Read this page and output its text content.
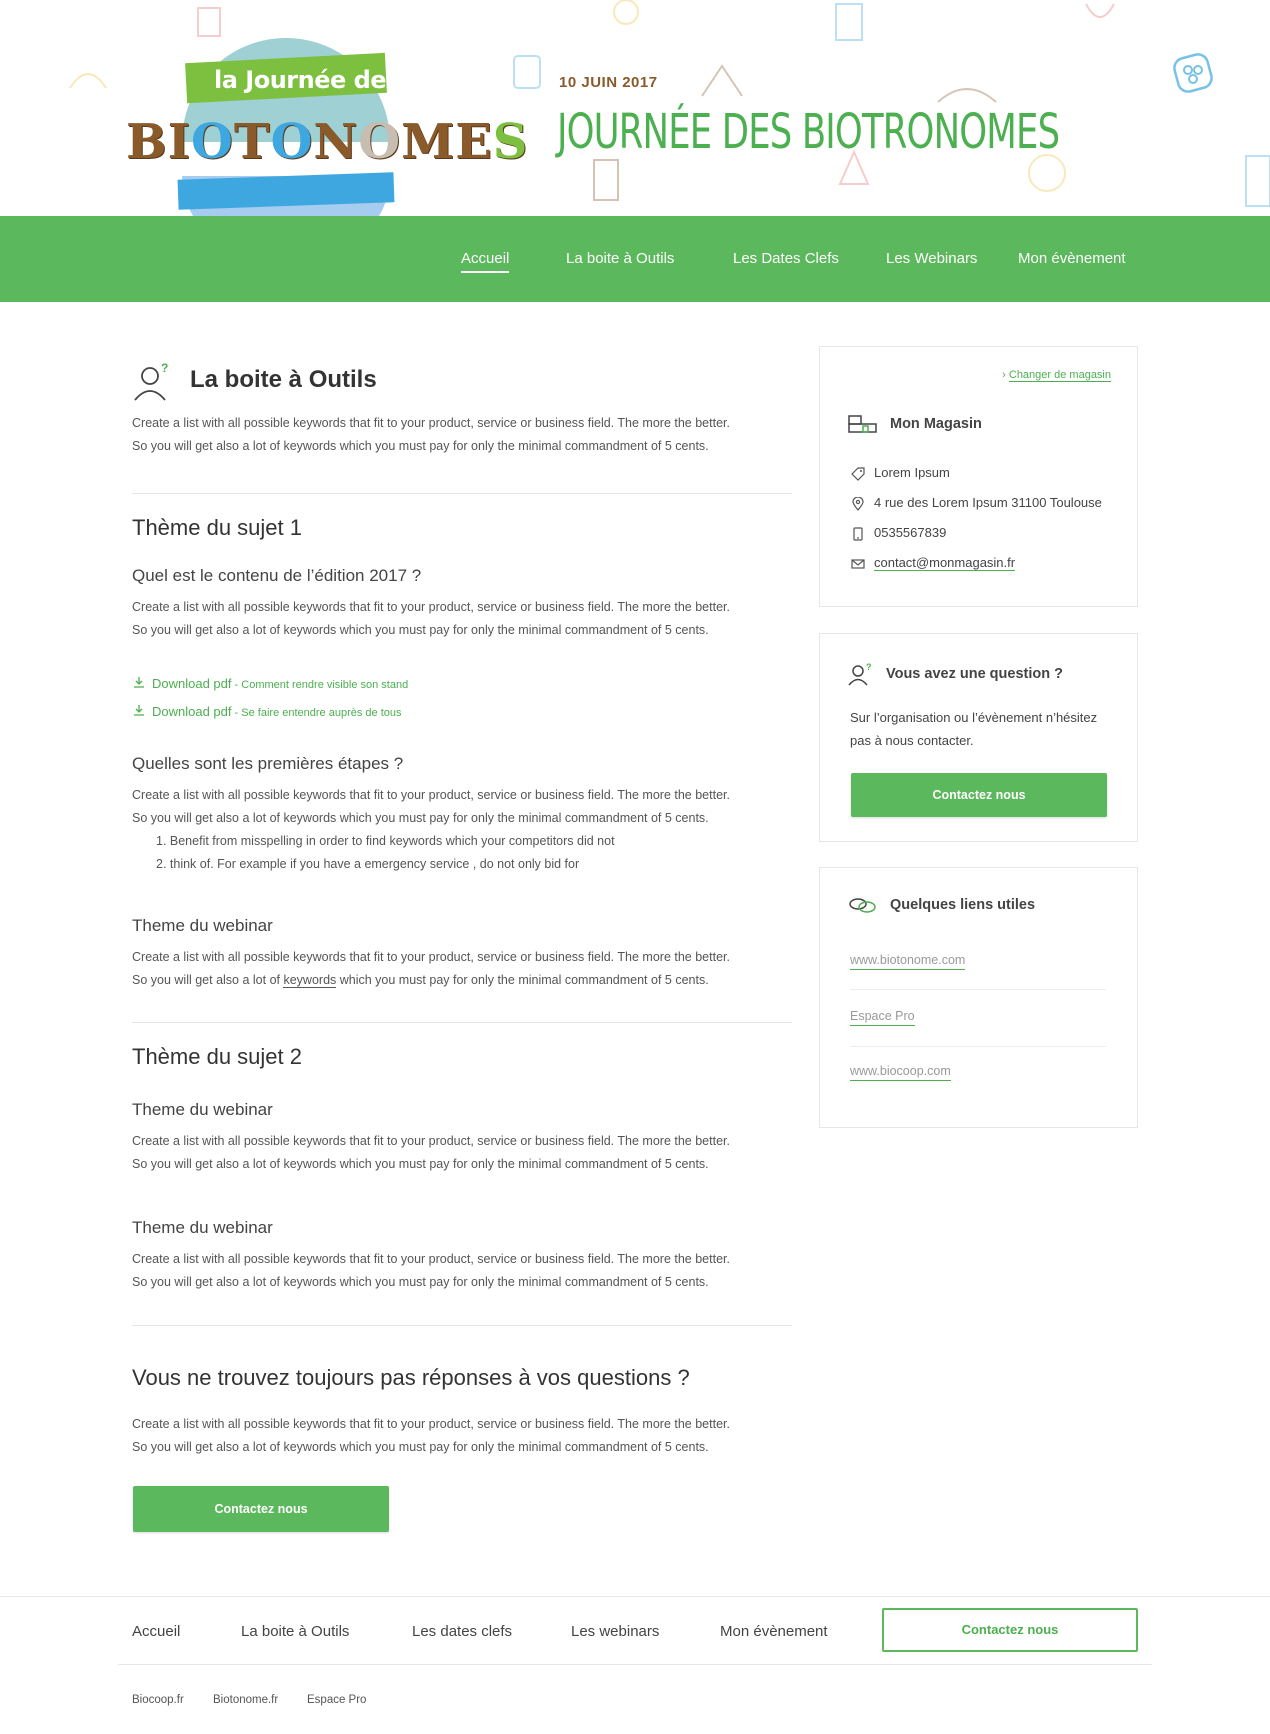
la Journée des
BIOTONOMES
10 JUIN 2017
JOURNÉE DES BIOTRONOMES
Accueil	La boite à Outils	Les Dates Clefs	Les Webinars	Mon évènement
? La boite à Outils
Create a list with all possible keywords that fit to your product, service or business field. The more the better.
So you will get also a lot of keywords which you must pay for only the minimal commandment of 5 cents.
Thème du sujet 1
Quel est le contenu de l’édition 2017 ?
Create a list with all possible keywords that fit to your product, service or business field. The more the better.
So you will get also a lot of keywords which you must pay for only the minimal commandment of 5 cents.
Download pdf - Comment rendre visible son stand
Download pdf - Se faire entendre auprès de tous
Quelles sont les premières étapes ?
Create a list with all possible keywords that fit to your product, service or business field. The more the better.
So you will get also a lot of keywords which you must pay for only the minimal commandment of 5 cents.
1. Benefit from misspelling in order to find keywords which your competitors did not
2. think of. For example if you have a emergency service , do not only bid for
Theme du webinar
Create a list with all possible keywords that fit to your product, service or business field. The more the better.
So you will get also a lot of keywords which you must pay for only the minimal commandment of 5 cents.
Thème du sujet 2
Theme du webinar
Create a list with all possible keywords that fit to your product, service or business field. The more the better.
So you will get also a lot of keywords which you must pay for only the minimal commandment of 5 cents.
Theme du webinar
Create a list with all possible keywords that fit to your product, service or business field. The more the better.
So you will get also a lot of keywords which you must pay for only the minimal commandment of 5 cents.
Vous ne trouvez toujours pas réponses à vos questions ?
Create a list with all possible keywords that fit to your product, service or business field. The more the better.
So you will get also a lot of keywords which you must pay for only the minimal commandment of 5 cents.
Contactez nous
› Changer de magasin
Mon Magasin
Lorem Ipsum
4 rue des Lorem Ipsum 31100 Toulouse
0535567839
contact@monmagasin.fr
? Vous avez une question ?
Sur l’organisation ou l’évènement n’hésitez
pas à nous contacter.
Contactez nous
Quelques liens utiles
www.biotonome.com
Espace Pro
www.biocoop.com
Accueil	La boite à Outils	Les dates clefs	Les webinars	Mon évènement	Contactez nous
Biocoop.fr	Biotonome.fr	Espace Pro
